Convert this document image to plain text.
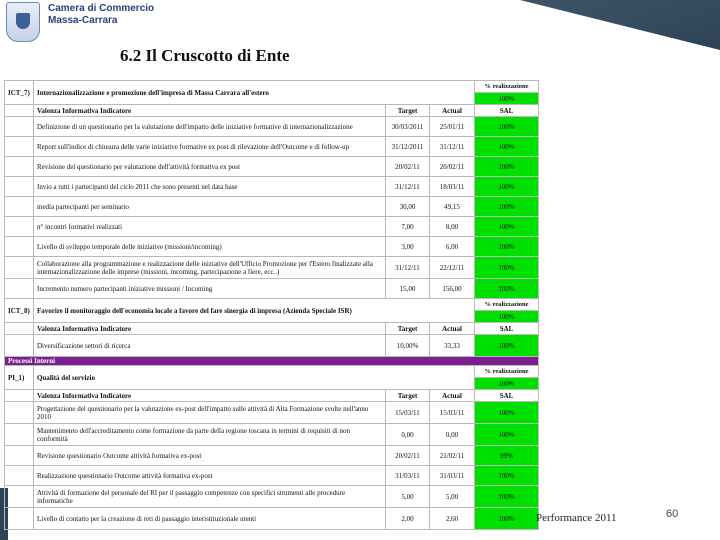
Camera di Commercio
Massa-Carrara
6.2 Il Cruscotto di Ente
ICT_7)	Internazionalizzazione e promozione dell'impresa di Massa Carrara all'estero			% realizzazione
				100%
	Valenza Informativa Indicatore	Target	Actual	SAL
	Definizione di un questionario per la valutazione dell'impatto delle iniziative formative di internazionalizzazione	30/03/2011	25/01/11	100%
	Report sull'indice di chiusura delle varie iniziative formative ex post di rilevazione dell'Outcome e di follow-up	31/12/2011	31/12/11	100%
	Revisione del questionario per valutazione dell'attività formativa ex post	20/02/11	20/02/11	100%
	Invio a tutti i partecipanti del ciclo 2011 che sono presenti nel data base	31/12/11	18/03/11	100%
	media partecipanti per seminario	30,00	49,15	100%
	n° incontri formativi realizzati	7,00	8,00	100%
	Livello di sviluppo temporale delle iniziative (missioni/incoming)	3,00	6,00	100%
	Collaborazione alla programmazione e realizzazione delle iniziative dell'Ufficio Promozione per l'Estero finalizzate alla internazionalizzazione delle imprese (missioni, incoming, partecipazione a fiere, ecc..)	31/12/11	22/12/11	100%
	Incremento numero partecipanti iniziative missioni / Incoming	15,00	156,00	100%
ICT_8)	Favorire il monitoraggio dell'economia locale a favore del fare sinergia di impresa (Azienda Speciale ISR)			% realizzazione
				100%
	Valenza Informativa Indicatore	Target	Actual	SAL
	Diversificazione settori di ricerca	10,00%	33,33	100%
Processi Interni				
PI_1)	Qualità del servizio			% realizzazione
				100%
	Valenza Informativa Indicatore	Target	Actual	SAL
	Progettazione del questionario per la valutazione ex-post dell'impatto sulle attività di Alta Formazione svolte nell'anno 2010	15/03/11	15/03/11	100%
	Mantenimento dell'accreditamento come formazione da parte della regione toscana in termini di requisiti di non conformità	0,00	0,00	100%
	Revisione questionario Outcome attività formativa ex-post	20/02/11	21/02/11	99%
	Realizzazione questionario Outcome attività formativa ex-post	31/03/11	31/03/11	100%
	Attività di formazione del personale del RI per il passaggio competenze con specifici strumenti alle procedure informatiche	5,00	5,00	100%
	Livello di contatto per la creazione di reti di passaggio interistituzionale utenti	2,00	2,60	100% Performance 2011	60
